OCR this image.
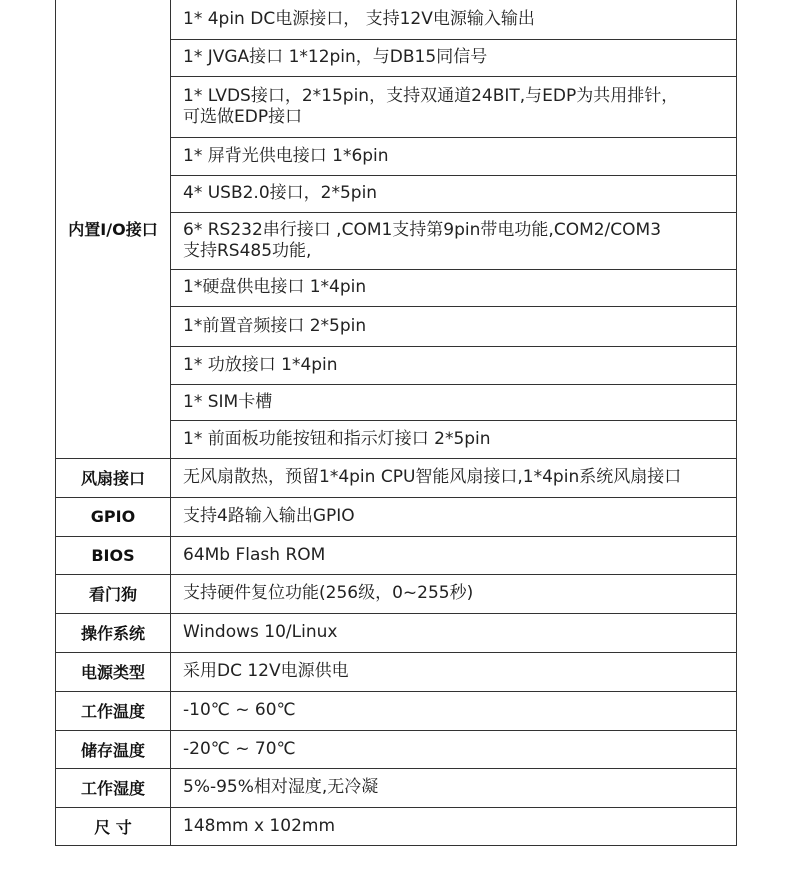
内置I/O接口	1* 4pin DC电源接口， 支持12V电源输入输出
	1* JVGA接口 1*12pin，与DB15同信号
	1* LVDS接口，2*15pin，支持双通道24BIT,与EDP为共用排针，
可选做EDP接口
	1* 屏背光供电接口 1*6pin
	4* USB2.0接口，2*5pin
	6* RS232串行接口 ,COM1支持第9pin带电功能,COM2/COM3
支持RS485功能,
	1*硬盘供电接口 1*4pin
	1*前置音频接口 2*5pin
	1* 功放接口 1*4pin
	1* SIM卡槽
	1* 前面板功能按钮和指示灯接口 2*5pin
风扇接口	无风扇散热，预留1*4pin CPU智能风扇接口,1*4pin系统风扇接口
GPIO	支持4路输入输出GPIO
BIOS	64Mb Flash ROM
看门狗	支持硬件复位功能(256级，0~255秒)
操作系统	Windows 10/Linux
电源类型	采用DC 12V电源供电
工作温度	-10℃ ~ 60℃
储存温度	-20℃ ~ 70℃
工作湿度	5%-95%相对湿度,无冷凝
尺 寸	148mm x 102mm
